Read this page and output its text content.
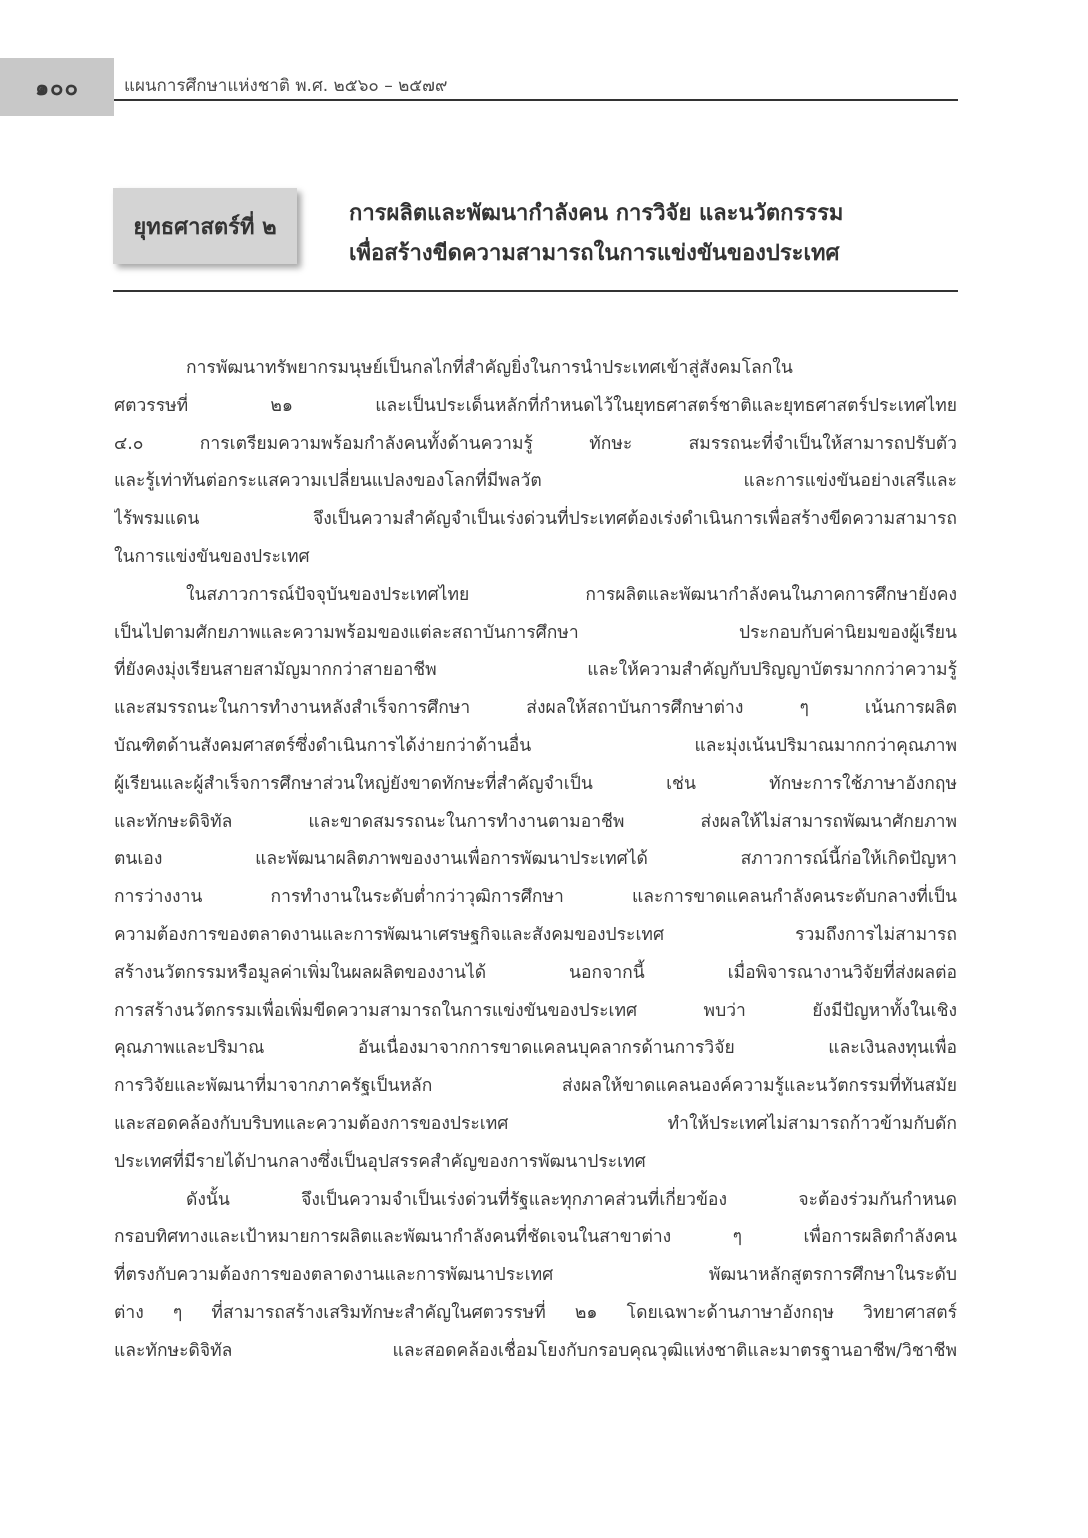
๑๐๐	แผนการศึกษาแห่งชาติ พ.ศ. ๒๕๖๐ – ๒๕๗๙
ยุทธศาสตร์ที่ ๒
การผลิตและพัฒนากำลังคน การวิจัย และนวัตกรรรม
เพื่อสร้างขีดความสามารถในการแข่งขันของประเทศ
การพัฒนาทรัพยากรมนุษย์เป็นกลไกที่สำคัญยิ่งในการนำประเทศเข้าสู่สังคมโลกใน
ศตวรรษที่ ๒๑ และเป็นประเด็นหลักที่กำหนดไว้ในยุทธศาสตร์ชาติและยุทธศาสตร์ประเทศไทย
๔.๐ การเตรียมความพร้อมกำลังคนทั้งด้านความรู้ ทักษะ สมรรถนะที่จำเป็นให้สามารถปรับตัว
และรู้เท่าทันต่อกระแสความเปลี่ยนแปลงของโลกที่มีพลวัต และการแข่งขันอย่างเสรีและ
ไร้พรมแดน จึงเป็นความสำคัญจำเป็นเร่งด่วนที่ประเทศต้องเร่งดำเนินการเพื่อสร้างขีดความสามารถ
ในการแข่งขันของประเทศ
ในสภาวการณ์ปัจจุบันของประเทศไทย การผลิตและพัฒนากำลังคนในภาคการศึกษายังคง
เป็นไปตามศักยภาพและความพร้อมของแต่ละสถาบันการศึกษา ประกอบกับค่านิยมของผู้เรียน
ที่ยังคงมุ่งเรียนสายสามัญมากกว่าสายอาชีพ และให้ความสำคัญกับปริญญาบัตรมากกว่าความรู้
และสมรรถนะในการทำงานหลังสำเร็จการศึกษา ส่งผลให้สถาบันการศึกษาต่าง ๆ เน้นการผลิต
บัณฑิตด้านสังคมศาสตร์ซึ่งดำเนินการได้ง่ายกว่าด้านอื่น และมุ่งเน้นปริมาณมากกว่าคุณภาพ
ผู้เรียนและผู้สำเร็จการศึกษาส่วนใหญ่ยังขาดทักษะที่สำคัญจำเป็น เช่น ทักษะการใช้ภาษาอังกฤษ
และทักษะดิจิทัล และขาดสมรรถนะในการทำงานตามอาชีพ ส่งผลให้ไม่สามารถพัฒนาศักยภาพ
ตนเอง และพัฒนาผลิตภาพของงานเพื่อการพัฒนาประเทศได้ สภาวการณ์นี้ก่อให้เกิดปัญหา
การว่างงาน การทำงานในระดับต่ำกว่าวุฒิการศึกษา และการขาดแคลนกำลังคนระดับกลางที่เป็น
ความต้องการของตลาดงานและการพัฒนาเศรษฐกิจและสังคมของประเทศ รวมถึงการไม่สามารถ
สร้างนวัตกรรมหรือมูลค่าเพิ่มในผลผลิตของงานได้ นอกจากนี้ เมื่อพิจารณางานวิจัยที่ส่งผลต่อ
การสร้างนวัตกรรมเพื่อเพิ่มขีดความสามารถในการแข่งขันของประเทศ พบว่า ยังมีปัญหาทั้งในเชิง
คุณภาพและปริมาณ อันเนื่องมาจากการขาดแคลนบุคลากรด้านการวิจัย และเงินลงทุนเพื่อ
การวิจัยและพัฒนาที่มาจากภาครัฐเป็นหลัก ส่งผลให้ขาดแคลนองค์ความรู้และนวัตกรรมที่ทันสมัย
และสอดคล้องกับบริบทและความต้องการของประเทศ ทำให้ประเทศไม่สามารถก้าวข้ามกับดัก
ประเทศที่มีรายได้ปานกลางซึ่งเป็นอุปสรรคสำคัญของการพัฒนาประเทศ
ดังนั้น จึงเป็นความจำเป็นเร่งด่วนที่รัฐและทุกภาคส่วนที่เกี่ยวข้อง จะต้องร่วมกันกำหนด
กรอบทิศทางและเป้าหมายการผลิตและพัฒนากำลังคนที่ชัดเจนในสาขาต่าง ๆ เพื่อการผลิตกำลังคน
ที่ตรงกับความต้องการของตลาดงานและการพัฒนาประเทศ พัฒนาหลักสูตรการศึกษาในระดับ
ต่าง ๆ ที่สามารถสร้างเสริมทักษะสำคัญในศตวรรษที่ ๒๑ โดยเฉพาะด้านภาษาอังกฤษ วิทยาศาสตร์
และทักษะดิจิทัล และสอดคล้องเชื่อมโยงกับกรอบคุณวุฒิแห่งชาติและมาตรฐานอาชีพ/วิชาชีพ
